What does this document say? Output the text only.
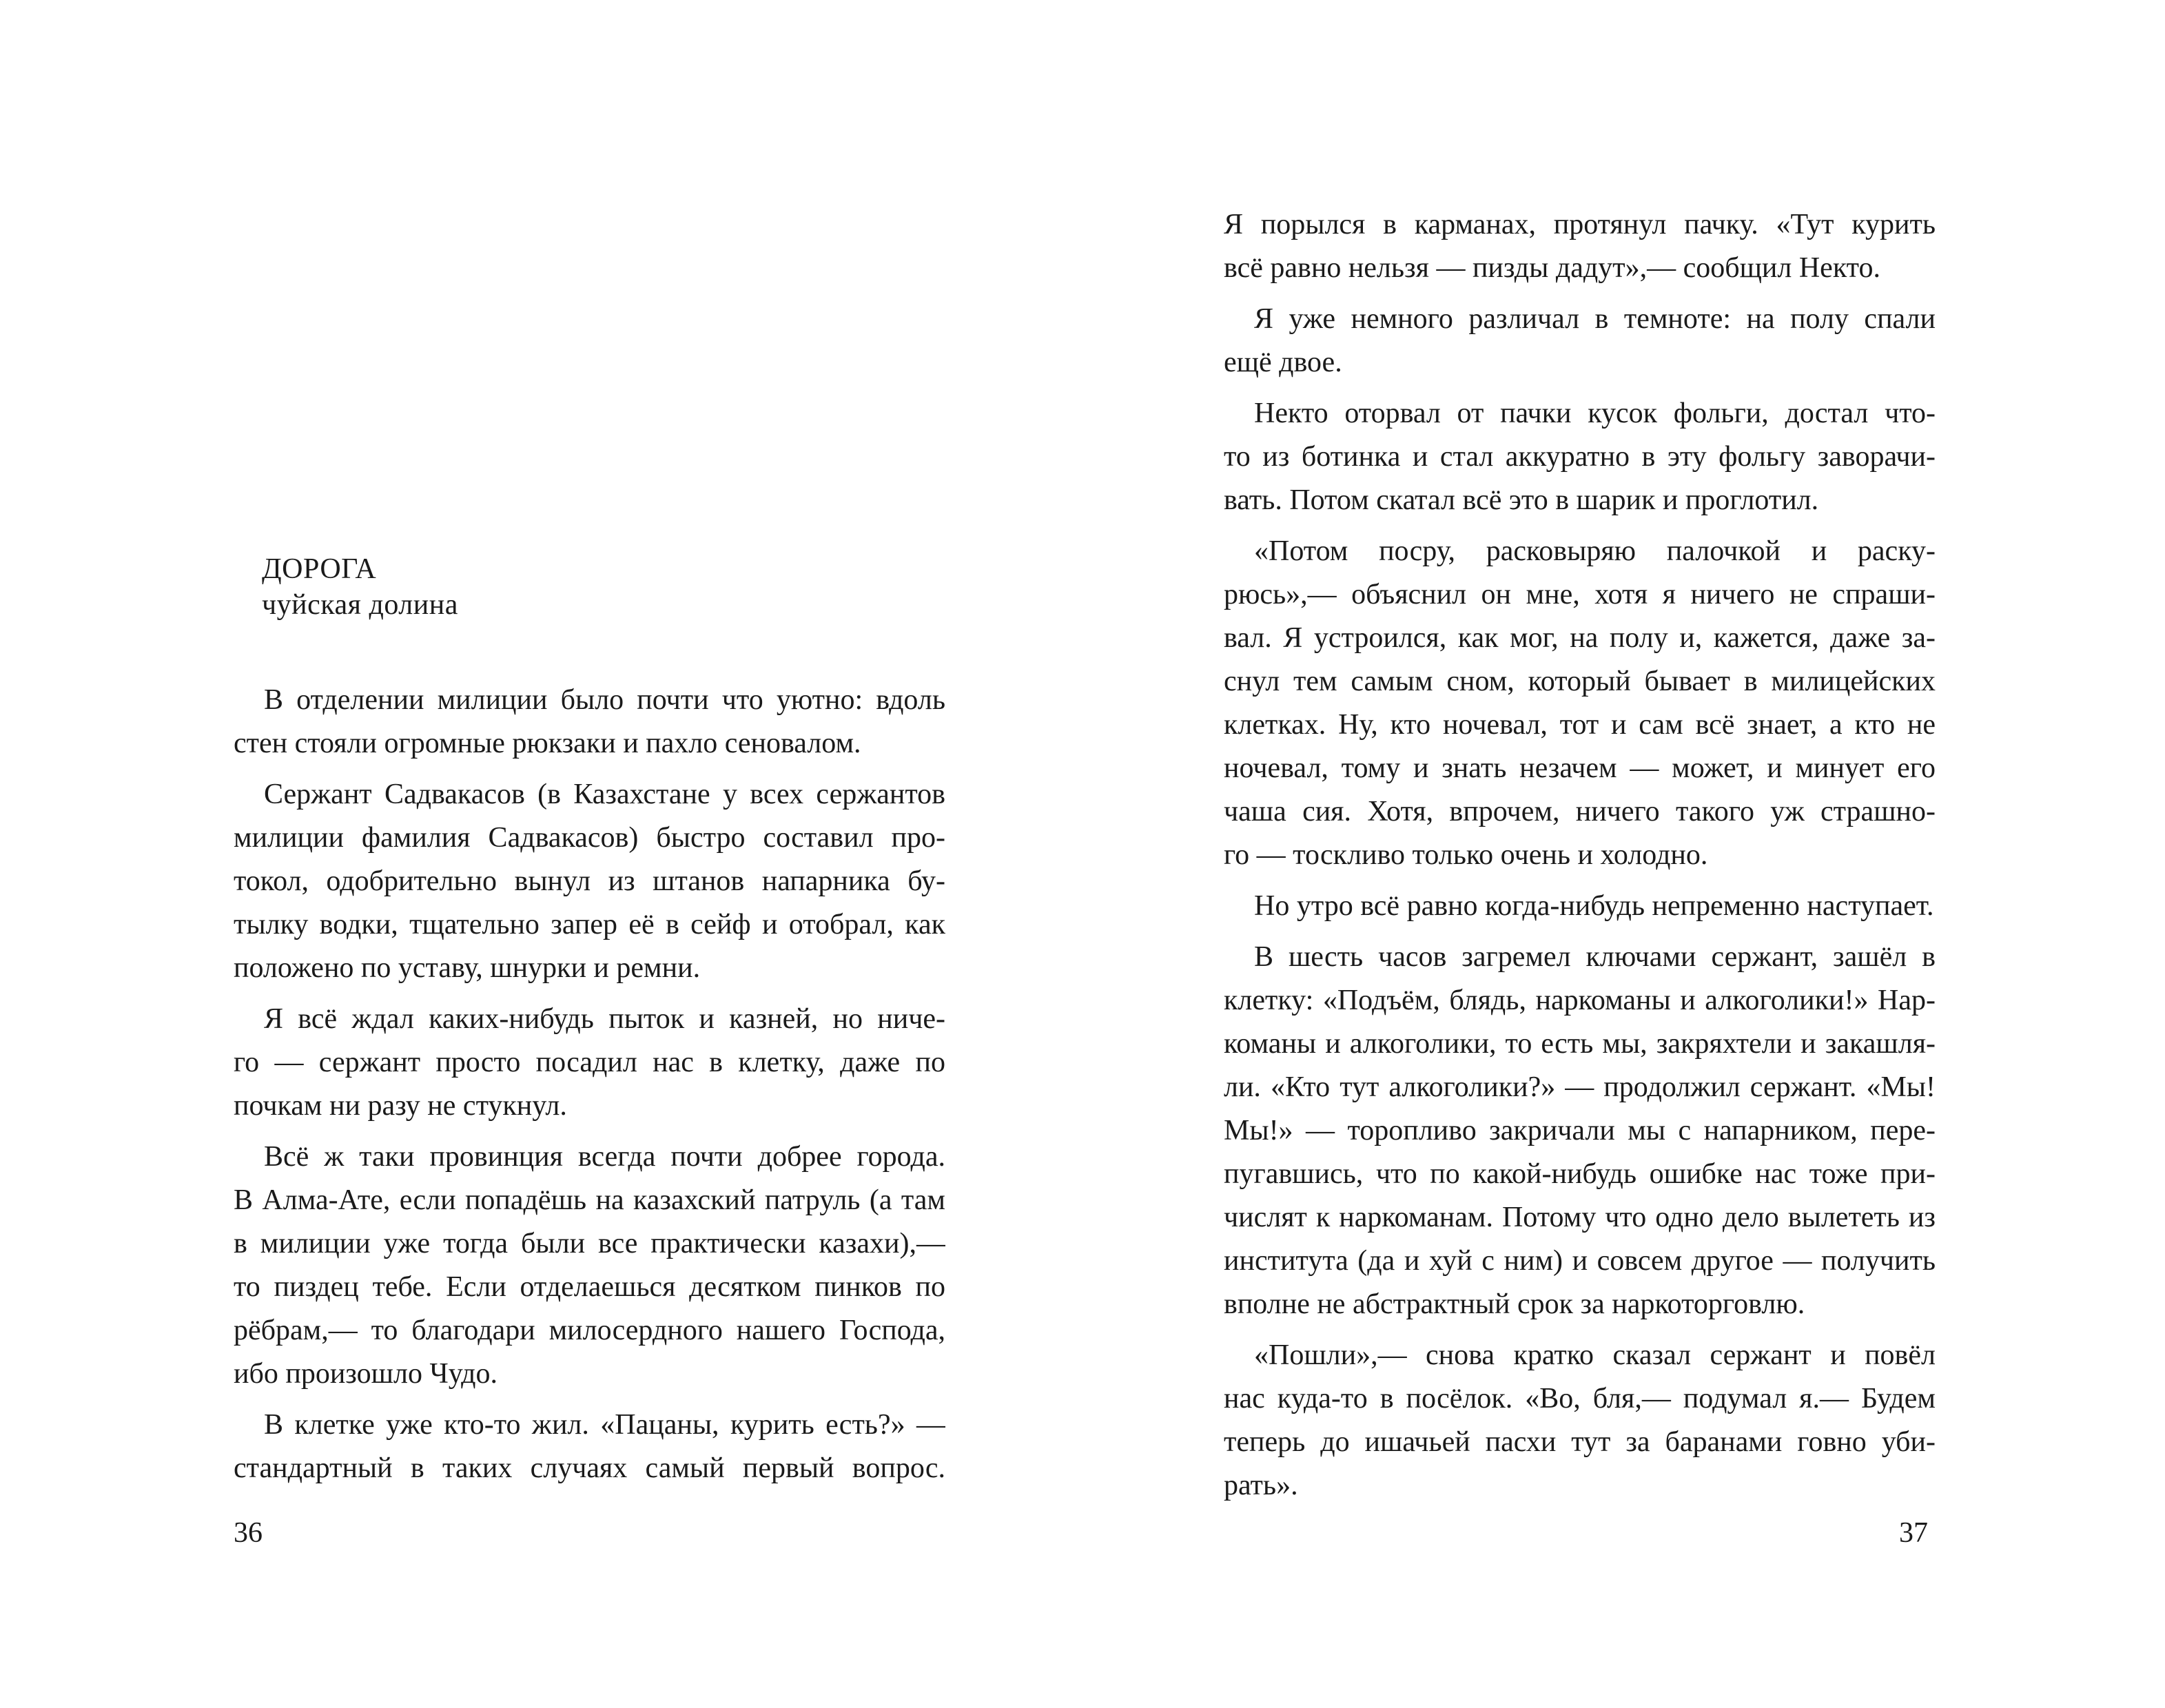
ДОРОГА
чуйская долина
В отделении милиции было почти что уютно: вдоль
стен стояли огромные рюкзаки и пахло сеновалом.
Сержант Садвакасов (в Казахстане у всех сержантов
милиции фамилия Садвакасов) быстро составил про-
токол, одобрительно вынул из штанов напарника бу-
тылку водки, тщательно запер её в сейф и отобрал, как
положено по уставу, шнурки и ремни.
Я всё ждал каких-нибудь пыток и казней, но ниче-
го — сержант просто посадил нас в клетку, даже по
почкам ни разу не стукнул.
Всё ж таки провинция всегда почти добрее города.
В Алма-Ате, если попадёшь на казахский патруль (а там
в милиции уже тогда были все практически казахи),—
то пиздец тебе. Если отделаешься десятком пинков по
рёбрам,— то благодари милосердного нашего Господа,
ибо произошло Чудо.
В клетке уже кто-то жил. «Пацаны, курить есть?» —
стандартный в таких случаях самый первый вопрос.
36
Я порылся в карманах, протянул пачку. «Тут курить
всё равно нельзя — пизды дадут»,— сообщил Некто.
Я уже немного различал в темноте: на полу спали
ещё двое.
Некто оторвал от пачки кусок фольги, достал что-
то из ботинка и стал аккуратно в эту фольгу заворачи-
вать. Потом скатал всё это в шарик и проглотил.
«Потом посру, расковыряю палочкой и раску-
рюсь»,— объяснил он мне, хотя я ничего не спраши-
вал. Я устроился, как мог, на полу и, кажется, даже за-
снул тем самым сном, который бывает в милицейских
клетках. Ну, кто ночевал, тот и сам всё знает, а кто не
ночевал, тому и знать незачем — может, и минует его
чаша сия. Хотя, впрочем, ничего такого уж страшно-
го — тоскливо только очень и холодно.
Но утро всё равно когда-нибудь непременно наступает.
В шесть часов загремел ключами сержант, зашёл в
клетку: «Подъём, блядь, наркоманы и алкоголики!» Нар-
команы и алкоголики, то есть мы, закряхтели и закашля-
ли. «Кто тут алкоголики?» — продолжил сержант. «Мы!
Мы!» — торопливо закричали мы с напарником, пере-
пугавшись, что по какой-нибудь ошибке нас тоже при-
числят к наркоманам. Потому что одно дело вылететь из
института (да и хуй с ним) и совсем другое — получить
вполне не абстрактный срок за наркоторговлю.
«Пошли»,— снова кратко сказал сержант и повёл
нас куда-то в посёлок. «Во, бля,— подумал я.— Будем
теперь до ишачьей пасхи тут за баранами говно уби-
рать».
37
